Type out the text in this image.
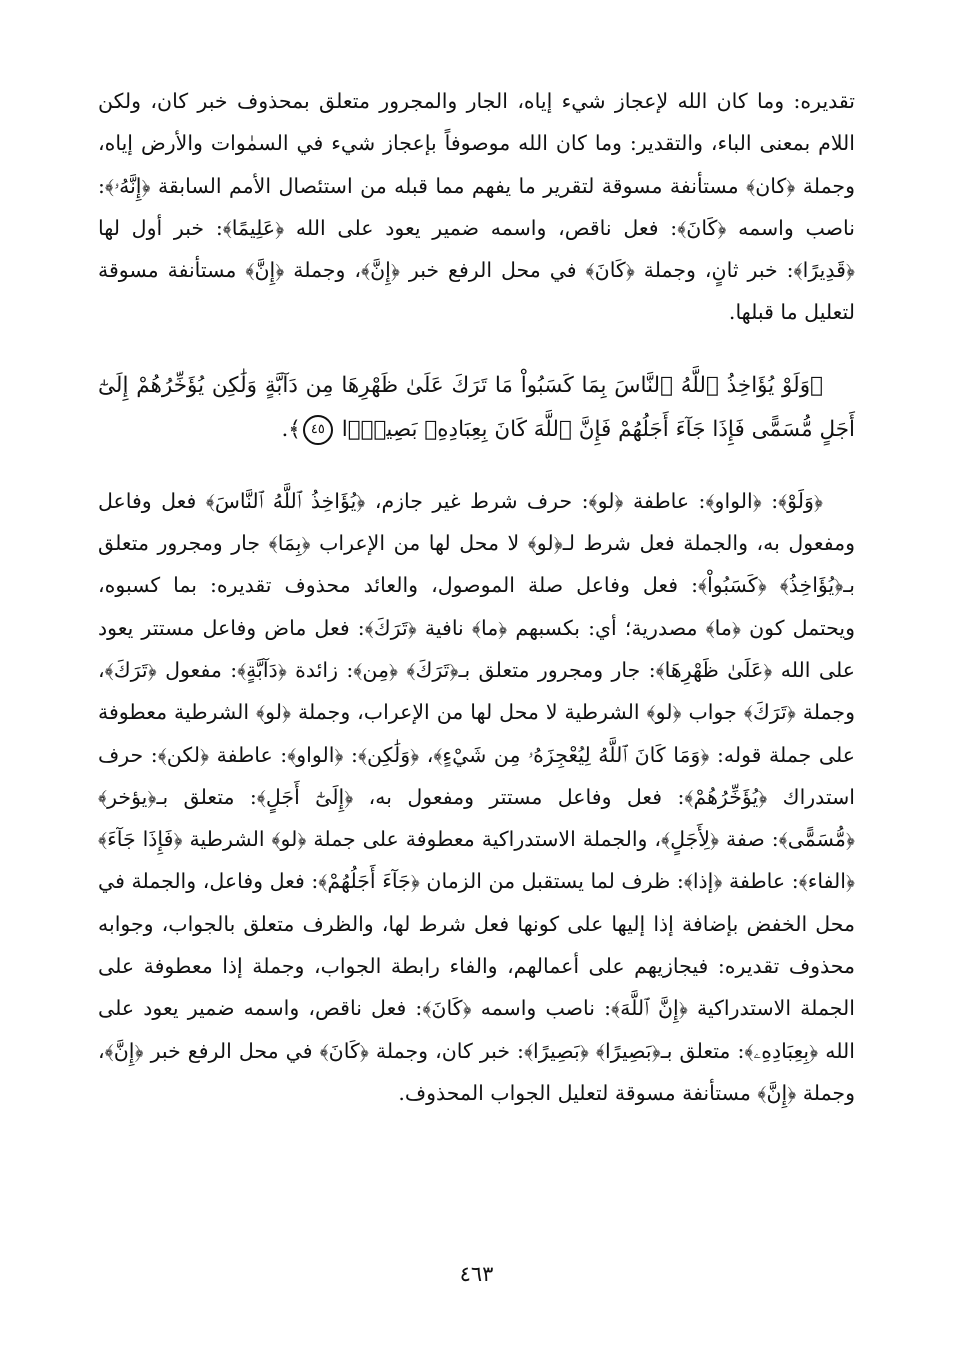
تقديره: وما كان الله لإعجاز شيء إياه، الجار والمجرور متعلق بمحذوف خبر كان، ولكن اللام بمعنى الباء، والتقدير: وما كان الله موصوفاً بإعجاز شيء في السمٰوات والأرض إياه، وجملة ﴿كان﴾ مستأنفة مسوقة لتقرير ما يفهم مما قبله من استئصال الأمم السابقة ﴿إِنَّهُۥ﴾: ناصب واسمه ﴿كَانَ﴾: فعل ناقص، واسمه ضمير يعود على الله ﴿عَلِيمًا﴾: خبر أول لها ﴿قَدِيرًا﴾: خبر ثانٍ، وجملة ﴿كَانَ﴾ في محل الرفع خبر ﴿إِنَّ﴾، وجملة ﴿إِنَّ﴾ مستأنفة مسوقة لتعليل ما قبلها.

﴿وَلَوْ يُؤَاخِذُ ٱللَّهُ ٱلنَّاسَ بِمَا كَسَبُواْ مَا تَرَكَ عَلَىٰ ظَهْرِهَا مِن دَآبَّةٍ وَلَٰكِن يُؤَخِّرُهُمْ إِلَىٰٓ أَجَلٍ مُّسَمًّى فَإِذَا جَآءَ أَجَلُهُمْ فَإِنَّ ٱللَّهَ كَانَ بِعِبَادِهِۦ بَصِيرًۢا ٤٥﴾.

﴿وَلَوْ﴾: ﴿الواو﴾: عاطفة ﴿لو﴾: حرف شرط غير جازم، ﴿يُؤَاخِذُ ٱللَّهُ ٱلنَّاسَ﴾ فعل وفاعل ومفعول به، والجملة فعل شرط لـ﴿لو﴾ لا محل لها من الإعراب ﴿بِمَا﴾ جار ومجرور متعلق بـ﴿يُؤَاخِذُ﴾ ﴿كَسَبُواْ﴾: فعل وفاعل صلة الموصول، والعائد محذوف تقديره: بما كسبوه، ويحتمل كون ﴿ما﴾ مصدرية؛ أي: بكسبهم ﴿ما﴾ نافية ﴿تَرَكَ﴾: فعل ماض وفاعل مستتر يعود على الله ﴿عَلَىٰ ظَهْرِهَا﴾: جار ومجرور متعلق بـ﴿تَرَكَ﴾ ﴿مِن﴾: زائدة ﴿دَآبَّةٍ﴾: مفعول ﴿تَرَكَ﴾، وجملة ﴿تَرَكَ﴾ جواب ﴿لو﴾ الشرطية لا محل لها من الإعراب، وجملة ﴿لو﴾ الشرطية معطوفة على جملة قوله: ﴿وَمَا كَانَ ٱللَّهُ لِيُعْجِزَهُۥ مِن شَيْءٍ﴾، ﴿وَلَٰكِن﴾: ﴿الواو﴾: عاطفة ﴿لكن﴾: حرف استدراك ﴿يُؤَخِّرُهُمْ﴾: فعل وفاعل مستتر ومفعول به، ﴿إِلَىٰٓ أَجَلٍ﴾: متعلق بـ﴿يؤخر﴾ ﴿مُّسَمًّى﴾: صفة ﴿لِأَجَلٍ﴾، والجملة الاستدراكية معطوفة على جملة ﴿لو﴾ الشرطية ﴿فَإِذَا جَآءَ﴾ ﴿الفاء﴾: عاطفة ﴿إذا﴾: ظرف لما يستقبل من الزمان ﴿جَآءَ أَجَلُهُمْ﴾: فعل وفاعل، والجملة في محل الخفض بإضافة إذا إليها على كونها فعل شرط لها، والظرف متعلق بالجواب، وجوابه محذوف تقديره: فيجازيهم على أعمالهم، والفاء رابطة الجواب، وجملة إذا معطوفة على الجملة الاستدراكية ﴿إِنَّ ٱللَّهَ﴾: ناصب واسمه ﴿كَانَ﴾: فعل ناقص، واسمه ضمير يعود على الله ﴿بِعِبَادِهِۦ﴾: متعلق بـ﴿بَصِيرًا﴾ ﴿بَصِيرًا﴾: خبر كان، وجملة ﴿كَانَ﴾ في محل الرفع خبر ﴿إِنَّ﴾، وجملة ﴿إِنَّ﴾ مستأنفة مسوقة لتعليل الجواب المحذوف.

٤٦٣
